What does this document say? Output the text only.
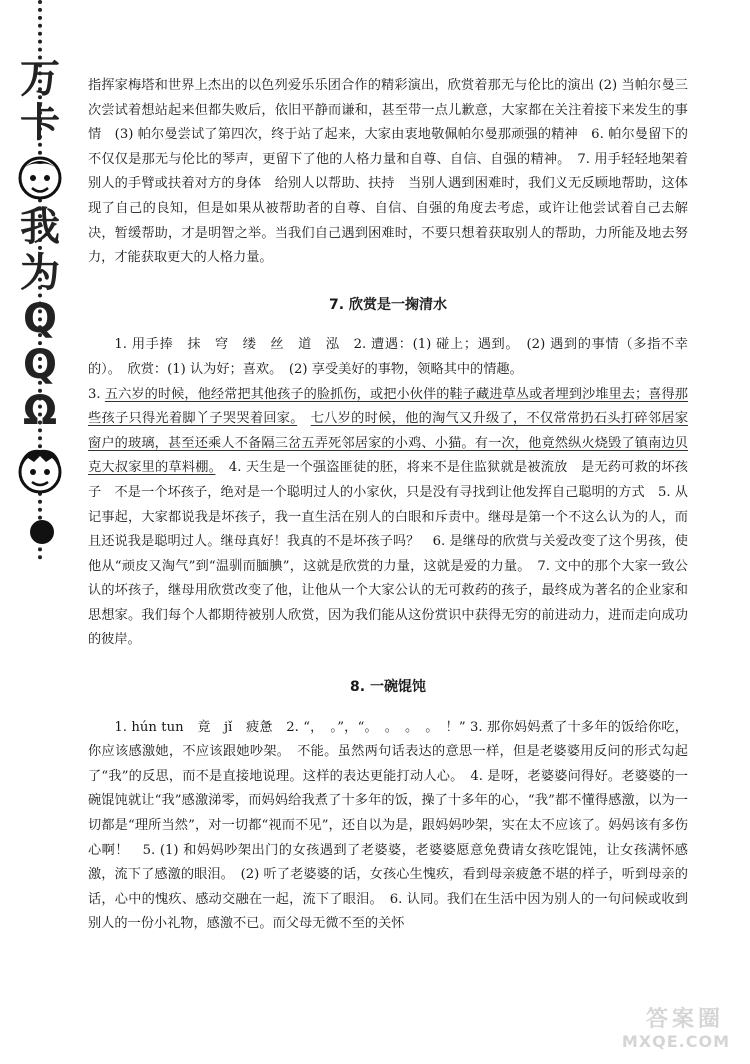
万
卡
我
为
Q
Q
Ω

指挥家梅塔和世界上杰出的以色列爱乐乐团合作的精彩演出，欣赏着那无与伦比的演出 (2) 当帕尔曼三次尝试着想站起来但都失败后，依旧平静而谦和，甚至带一点儿歉意，大家都在关注着接下来发生的事情　(3) 帕尔曼尝试了第四次，终于站了起来，大家由衷地敬佩帕尔曼那顽强的精神　6. 帕尔曼留下的不仅仅是那无与伦比的琴声，更留下了他的人格力量和自尊、自信、自强的精神。　7. 用手轻轻地架着别人的手臂或扶着对方的身体　给别人以帮助、扶持　当别人遇到困难时，我们义无反顾地帮助，这体现了自己的良知，但是如果从被帮助者的自尊、自信、自强的角度去考虑，或许让他尝试着自己去解决，暂缓帮助，才是明智之举。当我们自己遇到困难时，不要只想着获取别人的帮助，力所能及地去努力，才能获取更大的人格力量。

7. 欣赏是一掬清水

1. 用手捧　抹　穹　缕　丝　道　泓　2. 遭遇：(1) 碰上；遇到。　(2) 遇到的事情（多指不幸的）。　欣赏：(1) 认为好；喜欢。　(2) 享受美好的事物，领略其中的情趣。

3. 五六岁的时候，他经常把其他孩子的脸抓伤，或把小伙伴的鞋子藏进草丛或者埋到沙堆里去；喜得那些孩子只得光着脚丫子哭哭着回家。　 七八岁的时候，他的淘气又升级了，不仅常常扔石头打碎邻居家窗户的玻璃，甚至还乘人不备隔三岔五弄死邻居家的小鸡、小猫。有一次，他竟然纵火烧毁了镇南边贝克大叔家里的草料棚。　4. 天生是一个强盗匪徒的胚，将来不是住监狱就是被流放　是无药可救的坏孩子　不是一个坏孩子，绝对是一个聪明过人的小家伙，只是没有寻找到让他发挥自己聪明的方式　5. 从记事起，大家都说我是坏孩子，我一直生活在别人的白眼和斥责中。继母是第一个不这么认为的人，而且还说我是聪明过人。继母真好！我真的不是坏孩子吗？　6. 是继母的欣赏与关爱改变了这个男孩，使他从“顽皮又淘气”到“温驯而腼腆”，这就是欣赏的力量，这就是爱的力量。　7. 文中的那个大家一致公认的坏孩子，继母用欣赏改变了他，让他从一个大家公认的无可救药的孩子，最终成为著名的企业家和思想家。我们每个人都期待被别人欣赏，因为我们能从这份赏识中获得无穷的前进动力，进而走向成功的彼岸。

8. 一碗馄饨

1. hún tun　竟　jǐ　疲惫　2. “，　。”，“。　。　。　。　！” 3. 那你妈妈煮了十多年的饭给你吃，你应该感激她，不应该跟她吵架。　不能。虽然两句话表达的意思一样，但是老婆婆用反问的形式勾起了“我”的反思，而不是直接地说理。这样的表达更能打动人心。　4. 是呀，老婆婆问得好。老婆婆的一碗馄饨就让“我”感激涕零，而妈妈给我煮了十多年的饭，操了十多年的心，“我”都不懂得感激，以为一切都是“理所当然”，对一切都“视而不见”，还自以为是，跟妈妈吵架，实在太不应该了。妈妈该有多伤心啊！　5. (1) 和妈妈吵架出门的女孩遇到了老婆婆，老婆婆愿意免费请女孩吃馄饨，让女孩满怀感激，流下了感激的眼泪。　(2) 听了老婆婆的话，女孩心生愧疚，看到母亲疲惫不堪的样子，听到母亲的话，心中的愧疚、感动交融在一起，流下了眼泪。　6. 认同。我们在生活中因为别人的一句问候或收到别人的一份小礼物，感激不已。而父母无微不至的关怀

答案圈
MXQE.COM
